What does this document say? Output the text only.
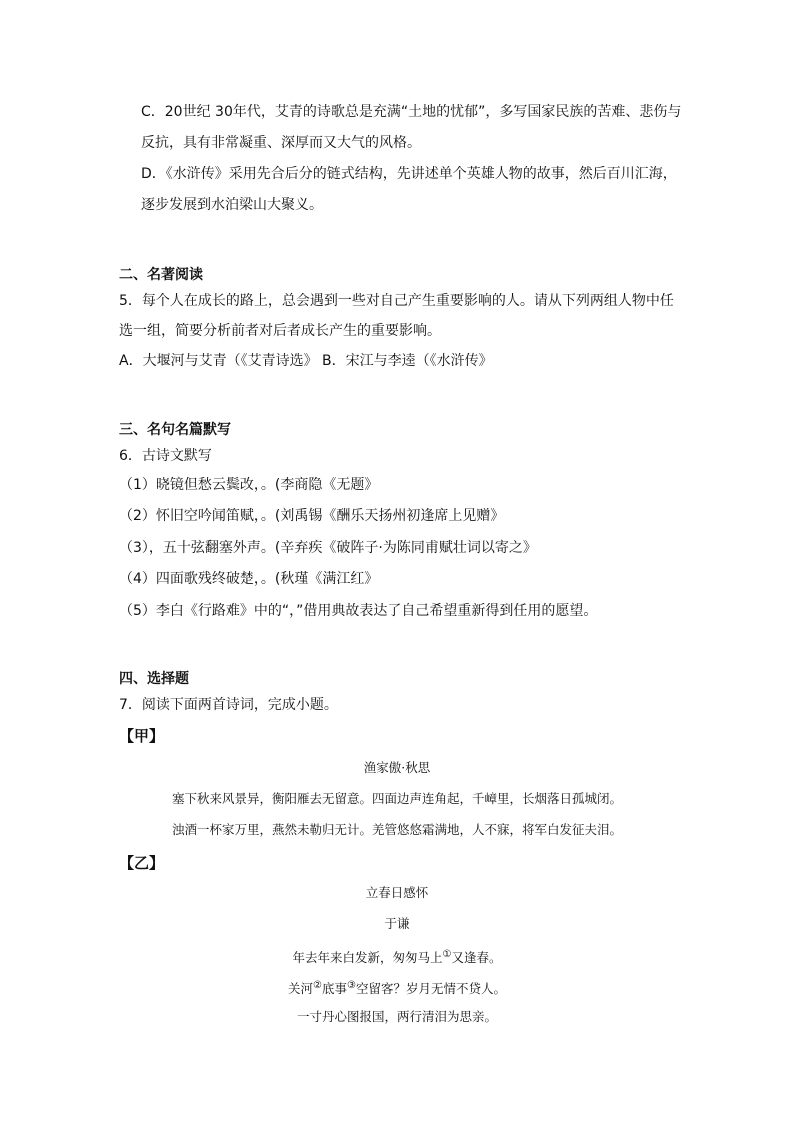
C．20世纪 30年代，艾青的诗歌总是充满“土地的忧郁”，多写国家民族的苦难、悲伤与
反抗，具有非常凝重、深厚而又大气的风格。
D．《水浒传》采用先合后分的链式结构，先讲述单个英雄人物的故事，然后百川汇海，
逐步发展到水泊梁山大聚义。
二、名著阅读
5．每个人在成长的路上，总会遇到一些对自己产生重要影响的人。请从下列两组人物中任
选一组，简要分析前者对后者成长产生的重要影响。
A．大堰河与艾青（《艾青诗选》 B．宋江与李逵（《水浒传》
三、名句名篇默写
6．古诗文默写
（1）晓镜但愁云鬓改，。(李商隐《无题》
（2）怀旧空吟闻笛赋，。(刘禹锡《酬乐天扬州初逢席上见赠》
（3），五十弦翻塞外声。(辛弃疾《破阵子·为陈同甫赋壮词以寄之》
（4）四面歌残终破楚，。(秋瑾《满江红》
（5）李白《行路难》中的“，”借用典故表达了自己希望重新得到任用的愿望。
四、选择题
7．阅读下面两首诗词，完成小题。
【甲】
渔家傲·秋思
塞下秋来风景异，衡阳雁去无留意。四面边声连角起，千嶂里，长烟落日孤城闭。
浊酒一杯家万里，燕然未勒归无计。羌管悠悠霜满地，人不寐，将军白发征夫泪。
【乙】
立春日感怀
于谦
年去年来白发新，匆匆马上①又逢春。
关河②底事③空留客？岁月无情不贷人。
一寸丹心图报国，两行清泪为思亲。
